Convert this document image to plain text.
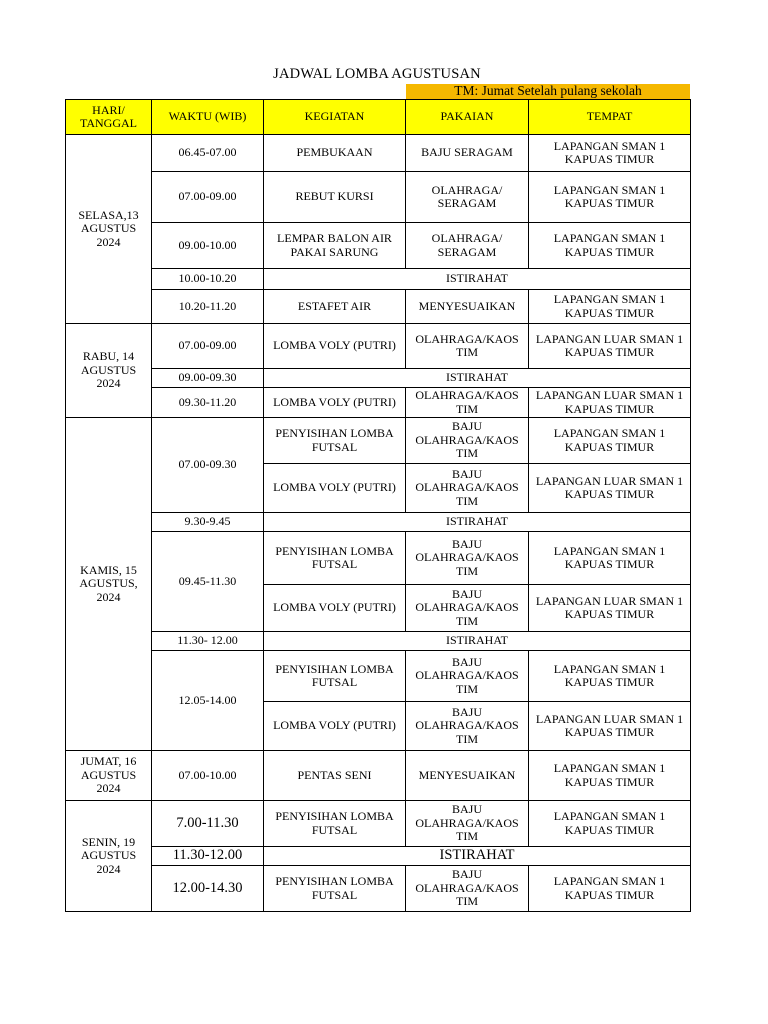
JADWAL LOMBA AGUSTUSAN
TM: Jumat Setelah pulang sekolah
HARI/ TANGGAL	WAKTU (WIB)	KEGIATAN	PAKAIAN	TEMPAT
SELASA,13 AGUSTUS 2024	06.45-07.00	PEMBUKAAN	BAJU SERAGAM	LAPANGAN SMAN 1 KAPUAS TIMUR
	07.00-09.00	REBUT KURSI	OLAHRAGA/ SERAGAM	LAPANGAN SMAN 1 KAPUAS TIMUR
	09.00-10.00	LEMPAR BALON AIR PAKAI SARUNG	OLAHRAGA/ SERAGAM	LAPANGAN SMAN 1 KAPUAS TIMUR
	10.00-10.20	ISTIRAHAT		
	10.20-11.20	ESTAFET AIR	MENYESUAIKAN	LAPANGAN SMAN 1 KAPUAS TIMUR
RABU, 14 AGUSTUS 2024	07.00-09.00	LOMBA VOLY (PUTRI)	OLAHRAGA/KAOS TIM	LAPANGAN LUAR SMAN 1 KAPUAS TIMUR
	09.00-09.30	ISTIRAHAT		
	09.30-11.20	LOMBA VOLY (PUTRI)	OLAHRAGA/KAOS TIM	LAPANGAN LUAR SMAN 1 KAPUAS TIMUR
KAMIS, 15 AGUSTUS, 2024	07.00-09.30	PENYISIHAN LOMBA FUTSAL	BAJU OLAHRAGA/KAOS TIM	LAPANGAN SMAN 1 KAPUAS TIMUR
		LOMBA VOLY (PUTRI)	BAJU OLAHRAGA/KAOS TIM	LAPANGAN LUAR SMAN 1 KAPUAS TIMUR
	9.30-9.45	ISTIRAHAT		
	09.45-11.30	PENYISIHAN LOMBA FUTSAL	BAJU OLAHRAGA/KAOS TIM	LAPANGAN SMAN 1 KAPUAS TIMUR
		LOMBA VOLY (PUTRI)	BAJU OLAHRAGA/KAOS TIM	LAPANGAN LUAR SMAN 1 KAPUAS TIMUR
	11.30- 12.00	ISTIRAHAT		
	12.05-14.00	PENYISIHAN LOMBA FUTSAL	BAJU OLAHRAGA/KAOS TIM	LAPANGAN SMAN 1 KAPUAS TIMUR
		LOMBA VOLY (PUTRI)	BAJU OLAHRAGA/KAOS TIM	LAPANGAN LUAR SMAN 1 KAPUAS TIMUR
JUMAT, 16 AGUSTUS 2024	07.00-10.00	PENTAS SENI	MENYESUAIKAN	LAPANGAN SMAN 1 KAPUAS TIMUR
SENIN, 19 AGUSTUS 2024	7.00-11.30	PENYISIHAN LOMBA FUTSAL	BAJU OLAHRAGA/KAOS TIM	LAPANGAN SMAN 1 KAPUAS TIMUR
	11.30-12.00	ISTIRAHAT		
	12.00-14.30	PENYISIHAN LOMBA FUTSAL	BAJU OLAHRAGA/KAOS TIM	LAPANGAN SMAN 1 KAPUAS TIMUR
